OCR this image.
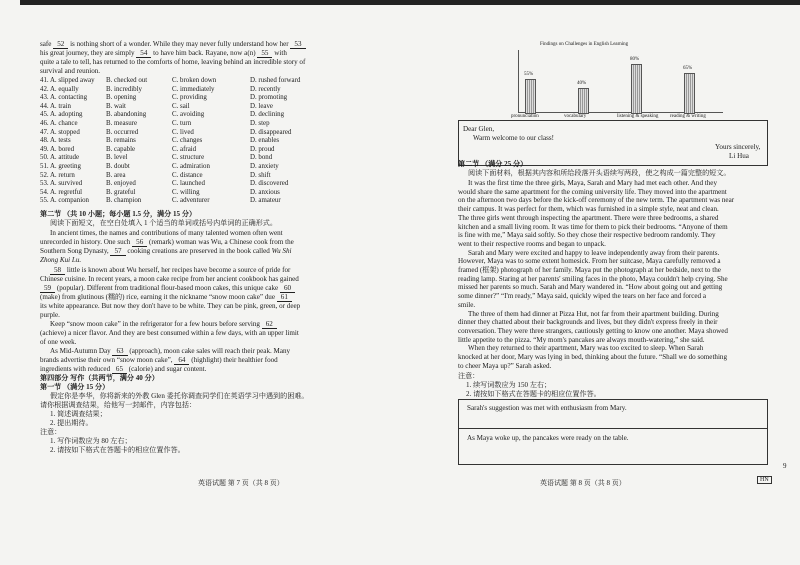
safe 52 is nothing short of a wonder. While they may never fully understand how her 53
his great journey, they are simply 54 to have him back. Rayane, now a(n) 55 with
quite a tale to tell, has returned to the comforts of home, leaving behind an incredible story of
survival and reunion.
41. A. slipped away B. checked out	C. broken down	D. rushed forward
42. A. equally	B. incredibly	C. immediately	D. recently
43. A. contacting	B. opening	C. providing	D. promoting
44. A. train	B. wait	C. sail	D. leave
45. A. adopting	B. abandoning	C. avoiding	D. declining
46. A. chance	B. measure	C. turn	D. step
47. A. stopped	B. occurred	C. lived	D. disappeared
48. A. tests	B. remains	C. changes	D. enables
49. A. bored	B. capable	C. afraid	D. proud
50. A. attitude	B. level	C. structure	D. bond
51. A. greeting	B. doubt	C. admiration	D. anxiety
52. A. return	B. area	C. distance	D. shift
53. A. survived	B. enjoyed	C. launched	D. discovered
54. A. regretful	B. grateful	C. willing	D. anxious
55. A. companion B. champion	C. adventurer	D. amateur
第二节 （共 10 小题；每小题 1.5 分，满分 15 分）
阅读下面短文，在空白处填入 1 个适当的单词或括号内单词的正确形式。
In ancient times, the names and contributions of many talented women often went
unrecorded in history. One such 56 (remark) woman was Wu, a Chinese cook from the
Southern Song Dynasty, 57 cooking creations are preserved in the book called Wu Shi
Zhong Kui Lu.
58 little is known about Wu herself, her recipes have become a source of pride for
Chinese cuisine. In recent years, a moon cake recipe from her ancient cookbook has gained
59 (popular). Different from traditional flour-based moon cakes, this unique cake 60
(make) from glutinous (糯的) rice, earning it the nickname “snow moon cake” due 61
its white appearance. But now they don't have to be white. They can be pink, green, or deep
purple.
Keep “snow moon cake” in the refrigerator for a few hours before serving 62
(achieve) a nicer flavor. And they are best consumed within a few days, with an upper limit
of one week.
As Mid-Autumn Day 63 (approach), moon cake sales will reach their peak. Many
brands advertise their own “snow moon cake”, 64 (highlight) their healthier food
ingredients with reduced 65 (calorie) and sugar content.
第四部分 写作（共两节，满分 40 分）
第一节 （满分 15 分）
假定你是李华，你将新来的外教 Glen 委托你调查同学们在英语学习中遇到的困难。
请你根据调查结果，给他写一封邮件，内容包括：
1. 简述调查结果；
2. 提出期待。
注意：
1. 写作词数应为 80 左右；
2. 请按如下格式在答题卡的相应位置作答。
英语试题 第 7 页（共 8 页）
Findings on Challenges in English Learning
55%
pronunciation
40%
vocabulary
80%
listening & speaking
65%
reading & writing
Dear Glen,
Warm welcome to our class!
Yours sincerely,
Li Hua
第二节 （满分 25 分）
阅读下面材料，根据其内容和所给段落开头语续写两段，使之构成一篇完整的短文。
It was the first time the three girls, Maya, Sarah and Mary had met each other. And they
would share the same apartment for the coming university life. They moved into the apartment
on the afternoon two days before the kick-off ceremony of the new term. The apartment was near
their campus. It was perfect for them, which was furnished in a simple style, neat and clean.
The three girls went through inspecting the apartment. There were three bedrooms, a shared
kitchen and a small living room. It was time for them to pick their bedrooms. “Anyone of them
is fine with me,” Maya said softly. So they chose their respective bedroom randomly. They
went to their respective rooms and began to unpack.
Sarah and Mary were excited and happy to leave independently away from their parents.
However, Maya was to some extent homesick. From her suitcase, Maya carefully removed a
framed (框架) photograph of her family. Maya put the photograph at her bedside, next to the
reading lamp. Staring at her parents' smiling faces in the photo, Maya couldn't help crying. She
missed her parents so much. Sarah and Mary wandered in. “How about going out and getting
some dinner?” “I'm ready,” Maya said, quickly wiped the tears on her face and forced a
smile.
The three of them had dinner at Pizza Hut, not far from their apartment building. During
dinner they chatted about their backgrounds and lives, but they didn't express freely in their
conversation. They were three strangers, cautiously getting to know one another. Maya showed
little appetite to the pizza. “My mom's pancakes are always mouth-watering,” she said.
When they returned to their apartment, Mary was too excited to sleep. When Sarah
knocked at her door, Mary was lying in bed, thinking about the future. “Shall we do something
to cheer Maya up?” Sarah asked.
注意：
1. 续写词数应为 150 左右；
2. 请按如下格式在答题卡的相应位置作答。
Sarah's suggestion was met with enthusiasm from Mary.
As Maya woke up, the pancakes were ready on the table.
英语试题 第 8 页（共 8 页）	HN
9
